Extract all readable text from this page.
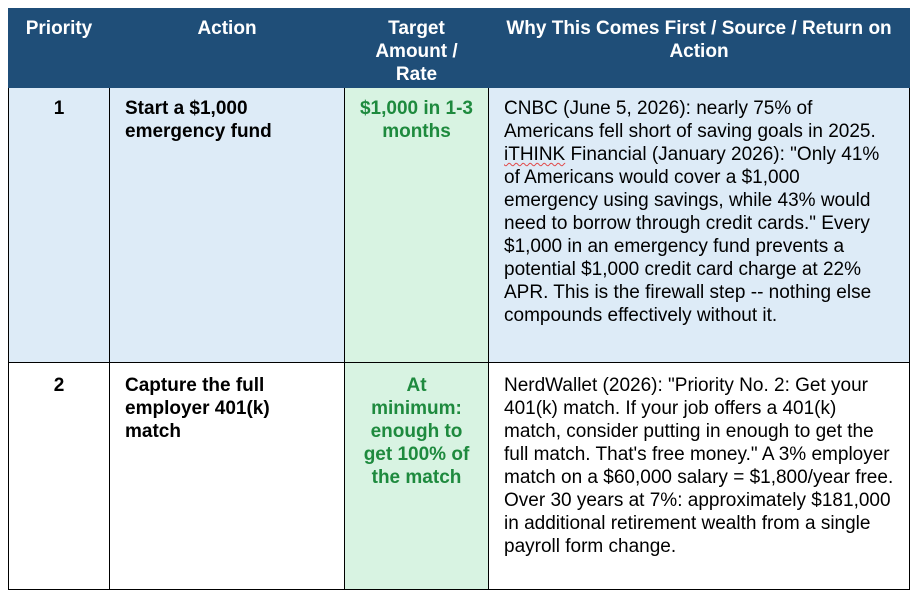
Priority	Action	Target Amount / Rate	Why This Comes First / Source / Return on Action
1	Start a $1,000 emergency fund	$1,000 in 1-3 months	CNBC (June 5, 2026): nearly 75% of Americans fell short of saving goals in 2025. iTHINK Financial (January 2026): "Only 41% of Americans would cover a $1,000 emergency using savings, while 43% would need to borrow through credit cards." Every $1,000 in an emergency fund prevents a potential $1,000 credit card charge at 22% APR. This is the firewall step -- nothing else compounds effectively without it.
2	Capture the full employer 401(k) match	At minimum: enough to get 100% of the match	NerdWallet (2026): "Priority No. 2: Get your 401(k) match. If your job offers a 401(k) match, consider putting in enough to get the full match. That's free money." A 3% employer match on a $60,000 salary = $1,800/year free. Over 30 years at 7%: approximately $181,000 in additional retirement wealth from a single payroll form change.
